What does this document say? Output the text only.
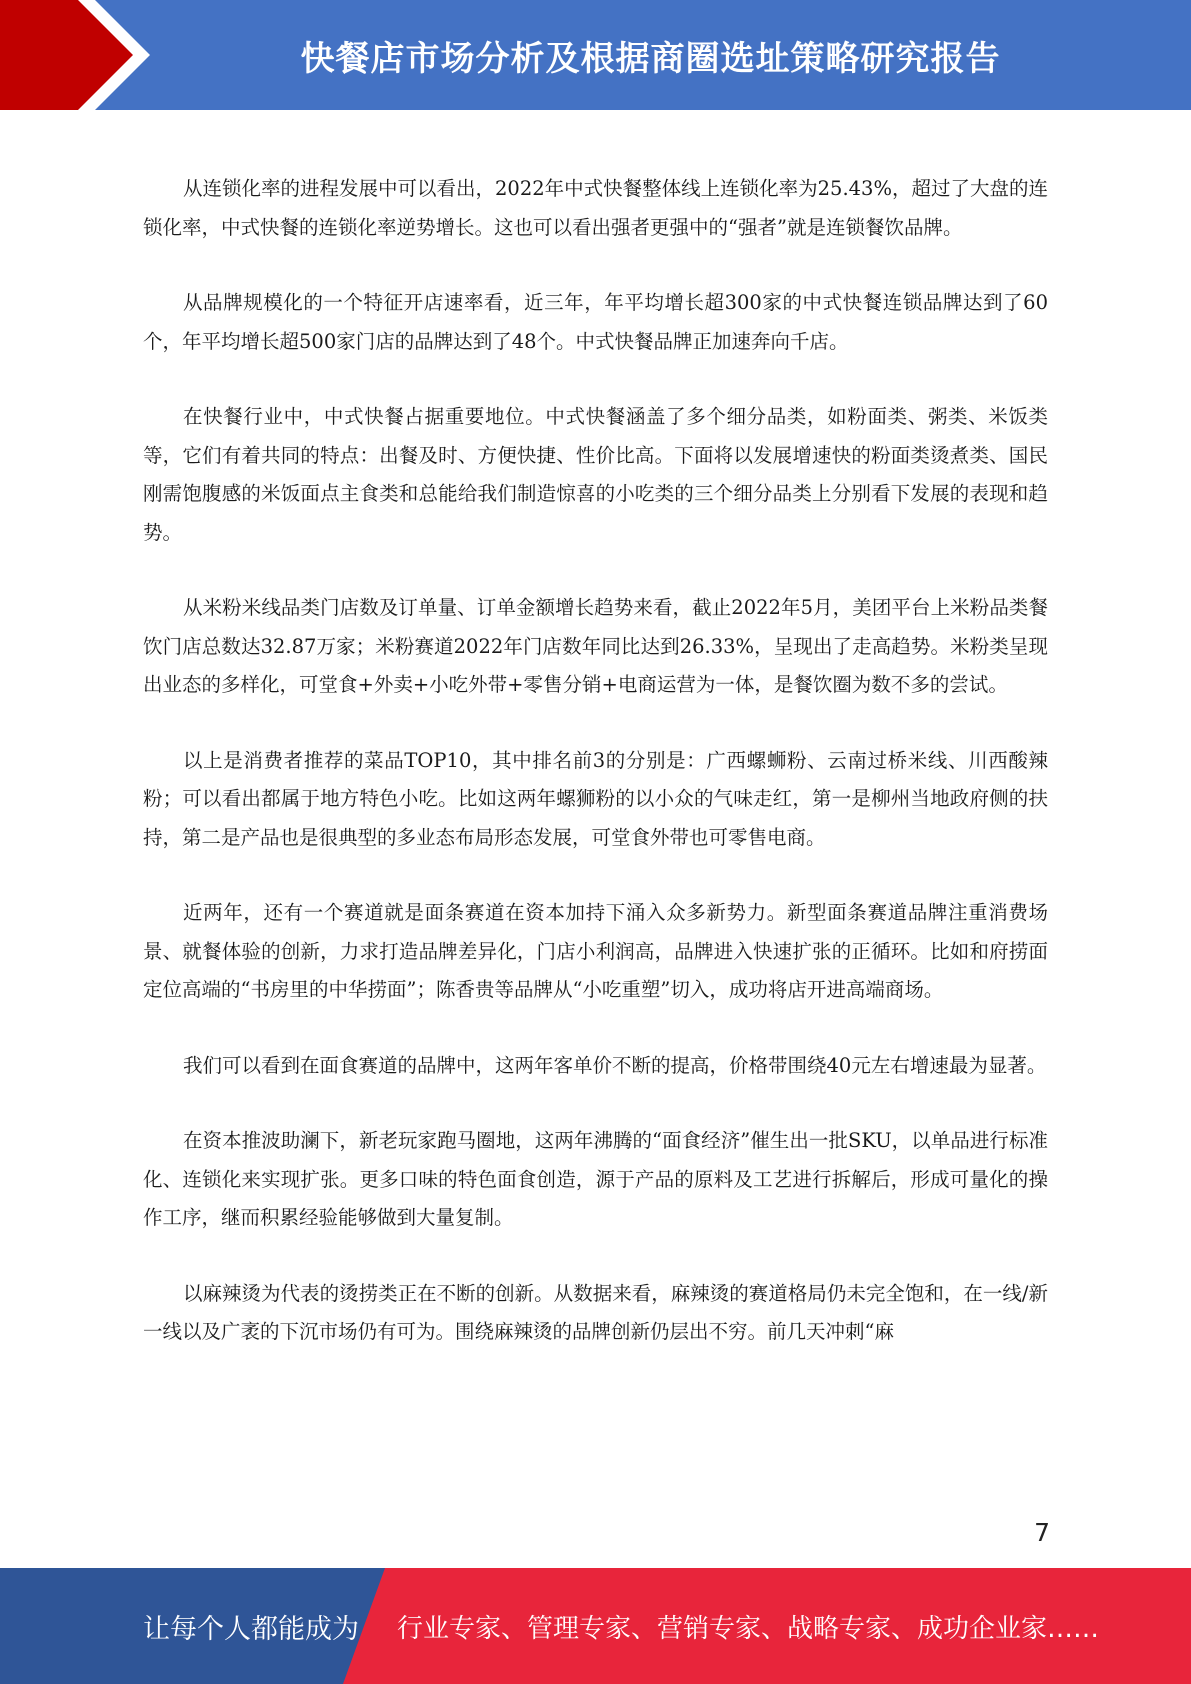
快餐店市场分析及根据商圈选址策略研究报告

从连锁化率的进程发展中可以看出，2022年中式快餐整体线上连锁化率为25.43%，超过了大盘的连锁化率，中式快餐的连锁化率逆势增长。这也可以看出强者更强中的“强者”就是连锁餐饮品牌。

从品牌规模化的一个特征开店速率看，近三年，年平均增长超300家的中式快餐连锁品牌达到了60个，年平均增长超500家门店的品牌达到了48个。中式快餐品牌正加速奔向千店。

在快餐行业中，中式快餐占据重要地位。中式快餐涵盖了多个细分品类，如粉面类、粥类、米饭类等，它们有着共同的特点：出餐及时、方便快捷、性价比高。下面将以发展增速快的粉面类烫煮类、国民刚需饱腹感的米饭面点主食类和总能给我们制造惊喜的小吃类的三个细分品类上分别看下发展的表现和趋势。

从米粉米线品类门店数及订单量、订单金额增长趋势来看，截止2022年5月，美团平台上米粉品类餐饮门店总数达32.87万家；米粉赛道2022年门店数年同比达到26.33%，呈现出了走高趋势。米粉类呈现出业态的多样化，可堂食+外卖+小吃外带+零售分销+电商运营为一体，是餐饮圈为数不多的尝试。

以上是消费者推荐的菜品TOP10，其中排名前3的分别是：广西螺蛳粉、云南过桥米线、川西酸辣粉；可以看出都属于地方特色小吃。比如这两年螺狮粉的以小众的气味走红，第一是柳州当地政府侧的扶持，第二是产品也是很典型的多业态布局形态发展，可堂食外带也可零售电商。

近两年，还有一个赛道就是面条赛道在资本加持下涌入众多新势力。新型面条赛道品牌注重消费场景、就餐体验的创新，力求打造品牌差异化，门店小利润高，品牌进入快速扩张的正循环。比如和府捞面定位高端的“书房里的中华捞面”；陈香贵等品牌从“小吃重塑”切入，成功将店开进高端商场。

我们可以看到在面食赛道的品牌中，这两年客单价不断的提高，价格带围绕40元左右增速最为显著。

在资本推波助澜下，新老玩家跑马圈地，这两年沸腾的“面食经济”催生出一批SKU，以单品进行标准化、连锁化来实现扩张。更多口味的特色面食创造，源于产品的原料及工艺进行拆解后，形成可量化的操作工序，继而积累经验能够做到大量复制。

以麻辣烫为代表的烫捞类正在不断的创新。从数据来看，麻辣烫的赛道格局仍未完全饱和，在一线/新一线以及广袤的下沉市场仍有可为。围绕麻辣烫的品牌创新仍层出不穷。前几天冲刺“麻

7
让每个人都能成为 行业专家、管理专家、营销专家、战略专家、成功企业家……
